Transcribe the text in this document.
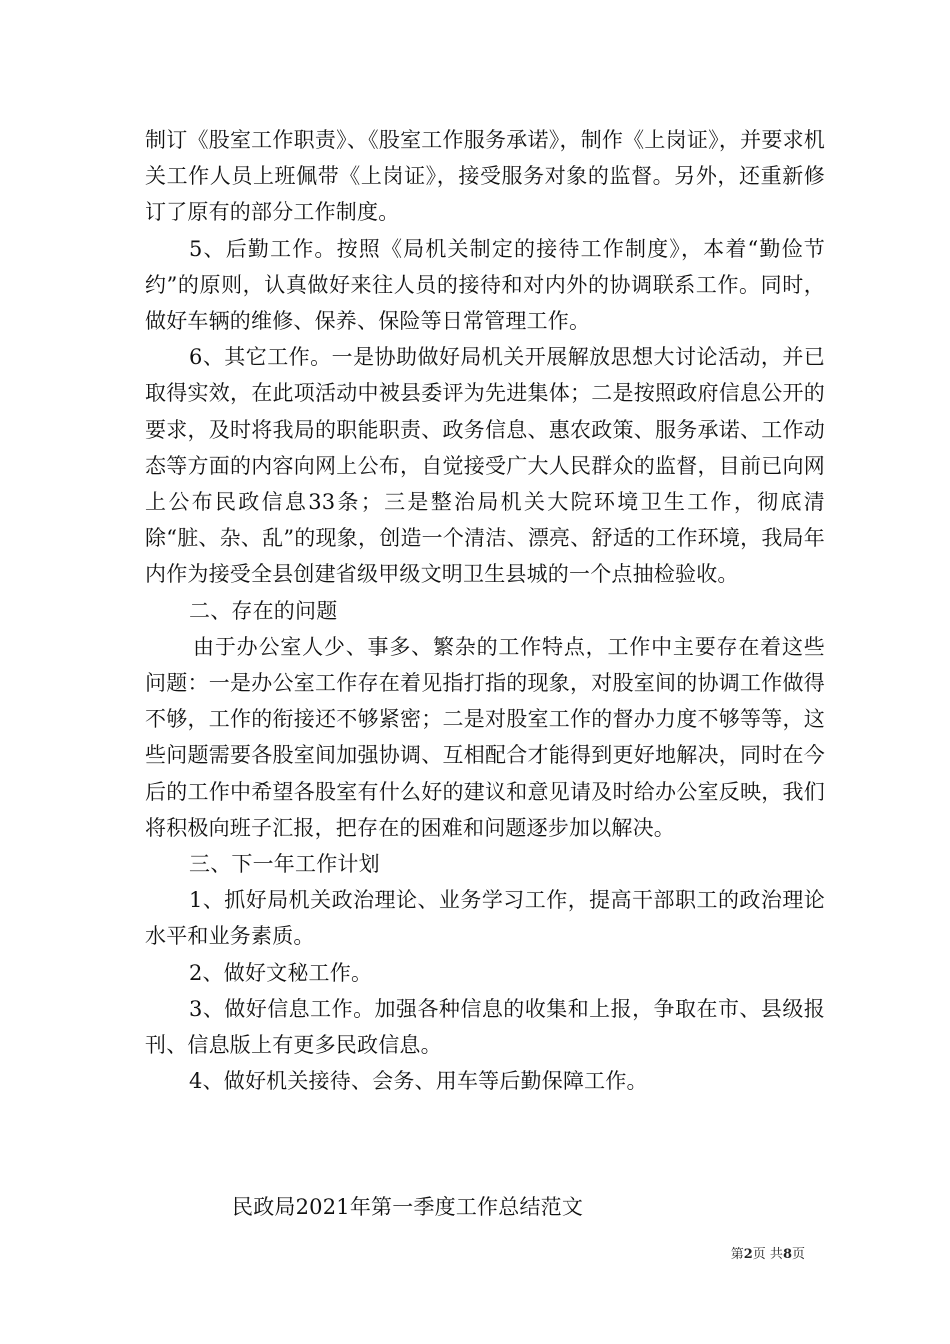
制订《股室工作职责》、《股室工作服务承诺》，制作《上岗证》，并要求机关工作人员上班佩带《上岗证》，接受服务对象的监督。另外，还重新修订了原有的部分工作制度。

5、后勤工作。按照《局机关制定的接待工作制度》，本着“勤俭节约”的原则，认真做好来往人员的接待和对内外的协调联系工作。同时，做好车辆的维修、保养、保险等日常管理工作。

6、其它工作。一是协助做好局机关开展解放思想大讨论活动，并已取得实效，在此项活动中被县委评为先进集体；二是按照政府信息公开的要求，及时将我局的职能职责、政务信息、惠农政策、服务承诺、工作动态等方面的内容向网上公布，自觉接受广大人民群众的监督，目前已向网上公布民政信息33条；三是整治局机关大院环境卫生工作，彻底清除“脏、杂、乱”的现象，创造一个清洁、漂亮、舒适的工作环境，我局年内作为接受全县创建省级甲级文明卫生县城的一个点抽检验收。

二、存在的问题

由于办公室人少、事多、繁杂的工作特点，工作中主要存在着这些问题：一是办公室工作存在着见指打指的现象，对股室间的协调工作做得不够，工作的衔接还不够紧密；二是对股室工作的督办力度不够等等，这些问题需要各股室间加强协调、互相配合才能得到更好地解决，同时在今后的工作中希望各股室有什么好的建议和意见请及时给办公室反映，我们将积极向班子汇报，把存在的困难和问题逐步加以解决。

三、下一年工作计划

1、抓好局机关政治理论、业务学习工作，提高干部职工的政治理论水平和业务素质。

2、做好文秘工作。

3、做好信息工作。加强各种信息的收集和上报，争取在市、县级报刊、信息版上有更多民政信息。

4、做好机关接待、会务、用车等后勤保障工作。

民政局2021年第一季度工作总结范文
第2页 共8页
